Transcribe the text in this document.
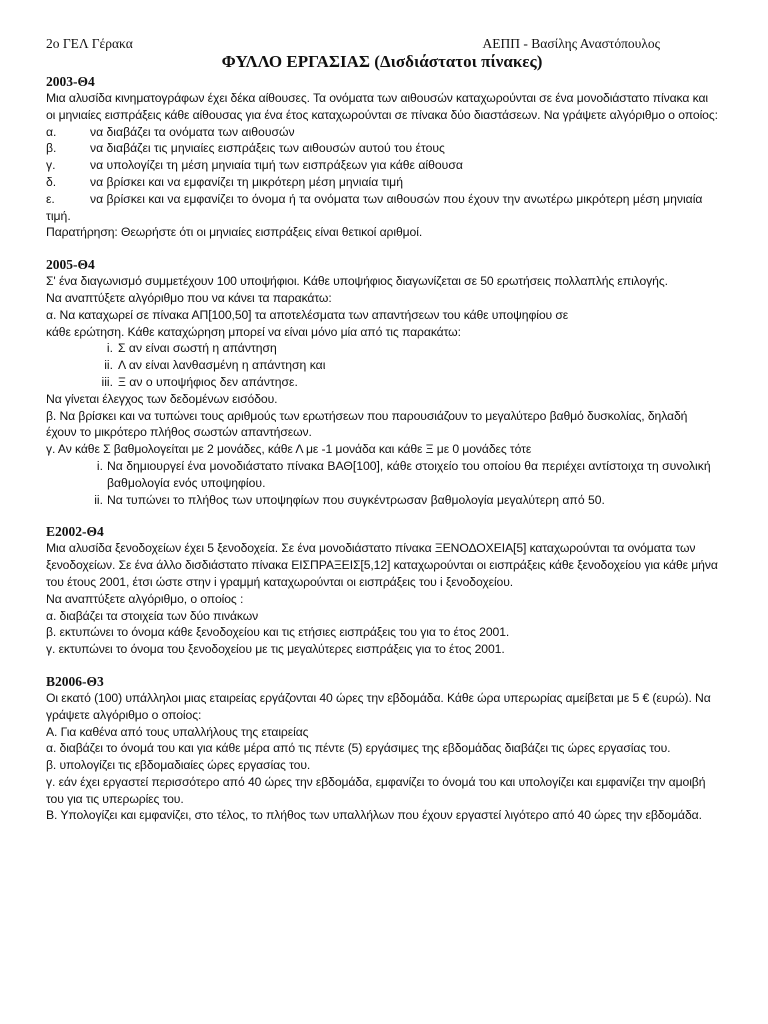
2ο ΓΕΛ Γέρακα	ΑΕΠΠ - Βασίλης Αναστόπουλος
ΦΥΛΛΟ ΕΡΓΑΣΙΑΣ (Δισδιάστατοι πίνακες)
2003-Θ4
Μια αλυσίδα κινηματογράφων έχει δέκα αίθουσες. Τα ονόματα των αιθουσών καταχωρούνται σε ένα μονοδιάστατο πίνακα και οι μηνιαίες εισπράξεις κάθε αίθουσας για ένα έτος καταχωρούνται σε πίνακα δύο διαστάσεων. Να γράψετε αλγόριθμο ο οποίος:
α.	να διαβάζει τα ονόματα των αιθουσών
β.	να διαβάζει τις μηνιαίες εισπράξεις των αιθουσών αυτού του έτους
γ.	να υπολογίζει τη μέση μηνιαία τιμή των εισπράξεων για κάθε αίθουσα
δ.	να βρίσκει και να εμφανίζει τη μικρότερη μέση μηνιαία τιμή
ε.	να βρίσκει και να εμφανίζει το όνομα ή τα ονόματα των αιθουσών που έχουν την ανωτέρω μικρότερη μέση μηνιαία τιμή.
Παρατήρηση: Θεωρήστε ότι οι μηνιαίες εισπράξεις είναι θετικοί αριθμοί.
2005-Θ4
Σ' ένα διαγωνισμό συμμετέχουν 100 υποψήφιοι. Κάθε υποψήφιος διαγωνίζεται σε 50 ερωτήσεις πολλαπλής επιλογής.
Να αναπτύξετε αλγόριθμο που να κάνει τα παρακάτω:
α. Να καταχωρεί σε πίνακα ΑΠ[100,50] τα αποτελέσματα των απαντήσεων του κάθε υποψηφίου σε κάθε ερώτηση. Κάθε καταχώρηση μπορεί να είναι μόνο μία από τις παρακάτω:
i. Σ αν είναι σωστή η απάντηση
ii. Λ αν είναι λανθασμένη η απάντηση και
iii. Ξ αν ο υποψήφιος δεν απάντησε.
Να γίνεται έλεγχος των δεδομένων εισόδου.
β. Να βρίσκει και να τυπώνει τους αριθμούς των ερωτήσεων που παρουσιάζουν το μεγαλύτερο βαθμό δυσκολίας, δηλαδή έχουν το μικρότερο πλήθος σωστών απαντήσεων.
γ. Αν κάθε Σ βαθμολογείται με 2 μονάδες, κάθε Λ με -1 μονάδα και κάθε Ξ με 0 μονάδες τότε
i. Να δημιουργεί ένα μονοδιάστατο πίνακα ΒΑΘ[100], κάθε στοιχείο του οποίου θα περιέχει αντίστοιχα τη συνολική βαθμολογία ενός υποψηφίου.
ii. Να τυπώνει το πλήθος των υποψηφίων που συγκέντρωσαν βαθμολογία μεγαλύτερη από 50.
Ε2002-Θ4
Μια αλυσίδα ξενοδοχείων έχει 5 ξενοδοχεία. Σε ένα μονοδιάστατο πίνακα ΞΕΝΟΔΟΧΕΙΑ[5] καταχωρούνται τα ονόματα των ξενοδοχείων. Σε ένα άλλο δισδιάστατο πίνακα ΕΙΣΠΡΑΞΕΙΣ[5,12] καταχωρούνται οι εισπράξεις κάθε ξενοδοχείου για κάθε μήνα του έτους 2001, έτσι ώστε στην i γραμμή καταχωρούνται οι εισπράξεις του i ξενοδοχείου.
Να αναπτύξετε αλγόριθμο, ο οποίος :
α. διαβάζει τα στοιχεία των δύο πινάκων
β. εκτυπώνει το όνομα κάθε ξενοδοχείου και τις ετήσιες εισπράξεις του για το έτος 2001.
γ. εκτυπώνει το όνομα του ξενοδοχείου με τις μεγαλύτερες εισπράξεις για το έτος 2001.
Β2006-Θ3
Οι εκατό (100) υπάλληλοι μιας εταιρείας εργάζονται 40 ώρες την εβδομάδα. Κάθε ώρα υπερωρίας αμείβεται με 5 € (ευρώ). Να γράψετε αλγόριθμο ο οποίος:
Α. Για καθένα από τους υπαλλήλους της εταιρείας
α. διαβάζει το όνομά του και για κάθε μέρα από τις πέντε (5) εργάσιμες της εβδομάδας διαβάζει τις ώρες εργασίας του.
β. υπολογίζει τις εβδομαδιαίες ώρες εργασίας του.
γ. εάν έχει εργαστεί περισσότερο από 40 ώρες την εβδομάδα, εμφανίζει το όνομά του και υπολογίζει και εμφανίζει την αμοιβή του για τις υπερωρίες του.
Β. Υπολογίζει και εμφανίζει, στο τέλος, το πλήθος των υπαλλήλων που έχουν εργαστεί λιγότερο από 40 ώρες την εβδομάδα.
